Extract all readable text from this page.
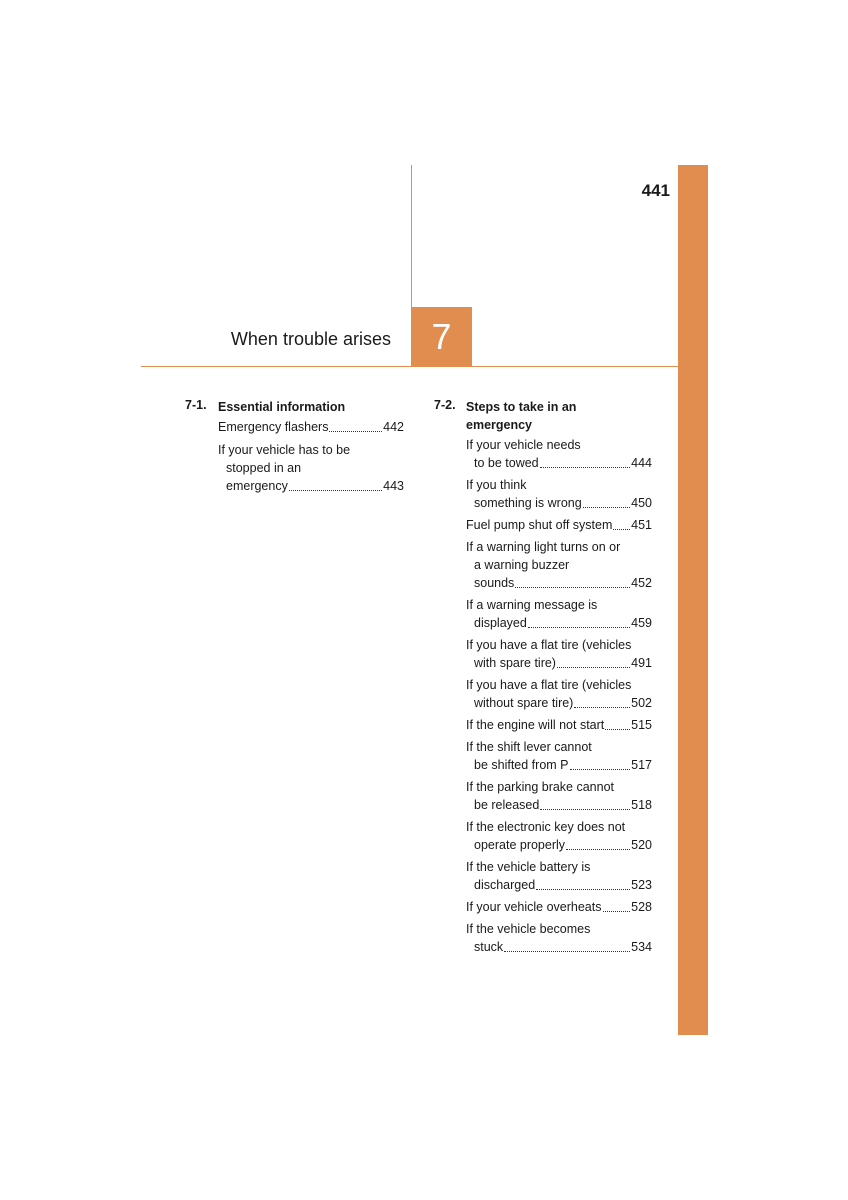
441
7
When trouble arises
7-1. Essential information
Emergency flashers	442
If your vehicle has to be
stopped in an
emergency	443
7-2. Steps to take in an emergency
If your vehicle needs
to be towed	444
If you think
something is wrong	450
Fuel pump shut off system 451
If a warning light turns on or
a warning buzzer
sounds	452
If a warning message is
displayed	459
If you have a flat tire (vehicles
with spare tire)	491
If you have a flat tire (vehicles
without spare tire)	502
If the engine will not start 515
If the shift lever cannot
be shifted from P	517
If the parking brake cannot
be released	518
If the electronic key does not
operate properly	520
If the vehicle battery is
discharged	523
If your vehicle overheats 528
If the vehicle becomes
stuck	534
